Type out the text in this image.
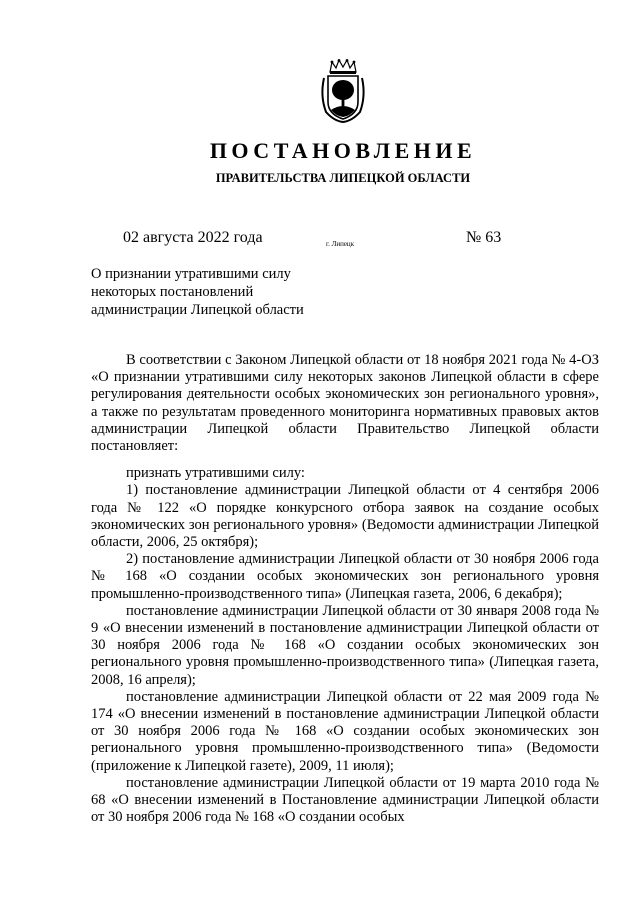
ПОСТАНОВЛЕНИЕ
ПРАВИТЕЛЬСТВА ЛИПЕЦКОЙ ОБЛАСТИ
02 августа 2022 года	г. Липецк	№ 63
О признании утратившими силу
некоторых постановлений
администрации Липецкой области

В соответствии с Законом Липецкой области от 18 ноября 2021 года № 4-ОЗ «О признании утратившими силу некоторых законов Липецкой области в сфере регулирования деятельности особых экономических зон регионального уровня», а также по результатам проведенного мониторинга нормативных правовых актов администрации Липецкой области Правительство Липецкой области постановляет:

признать утратившими силу:

1) постановление администрации Липецкой области от 4 сентября 2006 года № 122 «О порядке конкурсного отбора заявок на создание особых экономических зон регионального уровня» (Ведомости администрации Липецкой области, 2006, 25 октября);

2) постановление администрации Липецкой области от 30 ноября 2006 года № 168 «О создании особых экономических зон регионального уровня промышленно-производственного типа» (Липецкая газета, 2006, 6 декабря);

постановление администрации Липецкой области от 30 января 2008 года № 9 «О внесении изменений в постановление администрации Липецкой области от 30 ноября 2006 года № 168 «О создании особых экономических зон регионального уровня промышленно-производственного типа» (Липецкая газета, 2008, 16 апреля);

постановление администрации Липецкой области от 22 мая 2009 года № 174 «О внесении изменений в постановление администрации Липецкой области от 30 ноября 2006 года № 168 «О создании особых экономических зон регионального уровня промышленно-производственного типа» (Ведомости (приложение к Липецкой газете), 2009, 11 июля);

постановление администрации Липецкой области от 19 марта 2010 года № 68 «О внесении изменений в Постановление администрации Липецкой области от 30 ноября 2006 года № 168 «О создании особых
